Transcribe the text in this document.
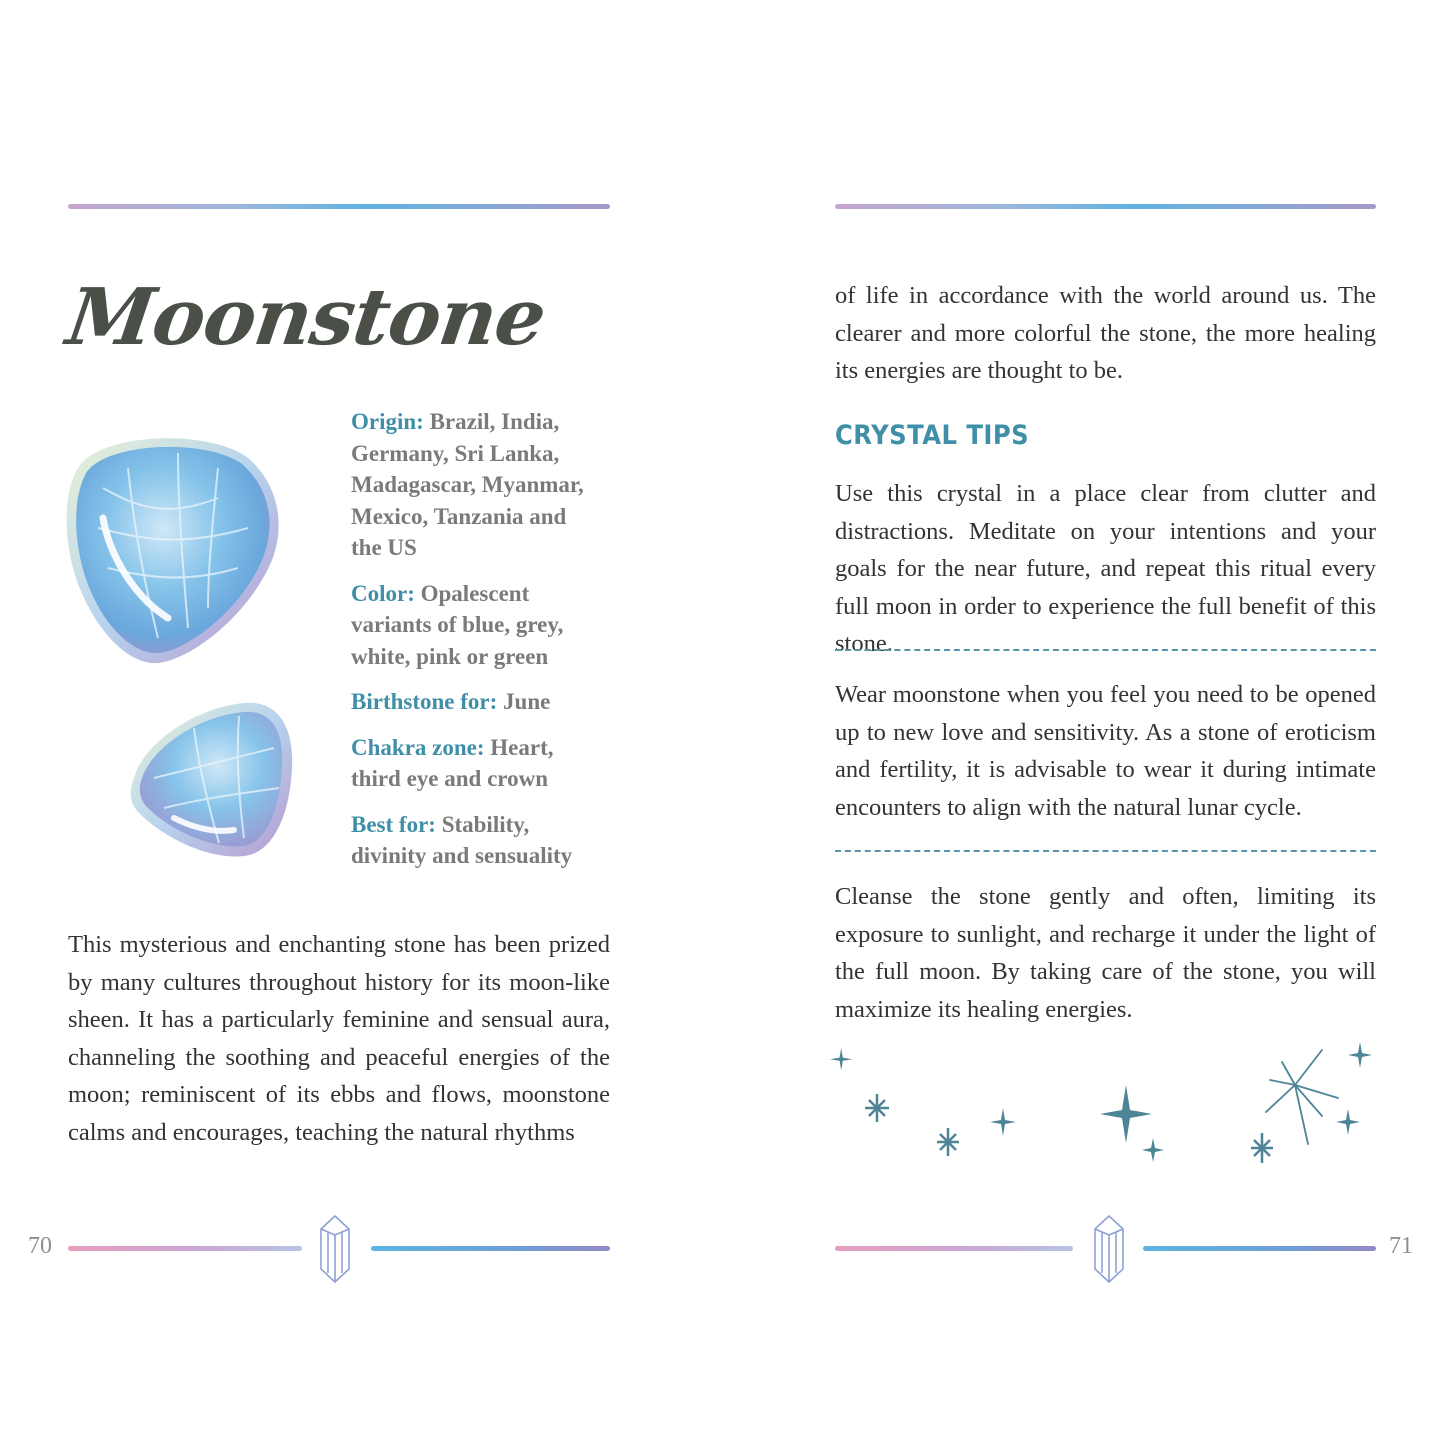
Moonstone
Origin: Brazil, India, Germany, Sri Lanka, Madagascar, Myanmar, Mexico, Tanzania and the US
Color: Opalescent variants of blue, grey, white, pink or green
Birthstone for: June
Chakra zone: Heart, third eye and crown
Best for: Stability, divinity and sensuality
This mysterious and enchanting stone has been prized by many cultures throughout history for its moon-like sheen. It has a particularly feminine and sensual aura, channeling the soothing and peaceful energies of the moon; reminiscent of its ebbs and flows, moonstone calms and encourages, teaching the natural rhythms
70
of life in accordance with the world around us. The clearer and more colorful the stone, the more healing its energies are thought to be.
CRYSTAL TIPS
Use this crystal in a place clear from clutter and distractions. Meditate on your intentions and your goals for the near future, and repeat this ritual every full moon in order to experience the full benefit of this stone.
Wear moonstone when you feel you need to be opened up to new love and sensitivity. As a stone of eroticism and fertility, it is advisable to wear it during intimate encounters to align with the natural lunar cycle.
Cleanse the stone gently and often, limiting its exposure to sunlight, and recharge it under the light of the full moon. By taking care of the stone, you will maximize its healing energies.
71
